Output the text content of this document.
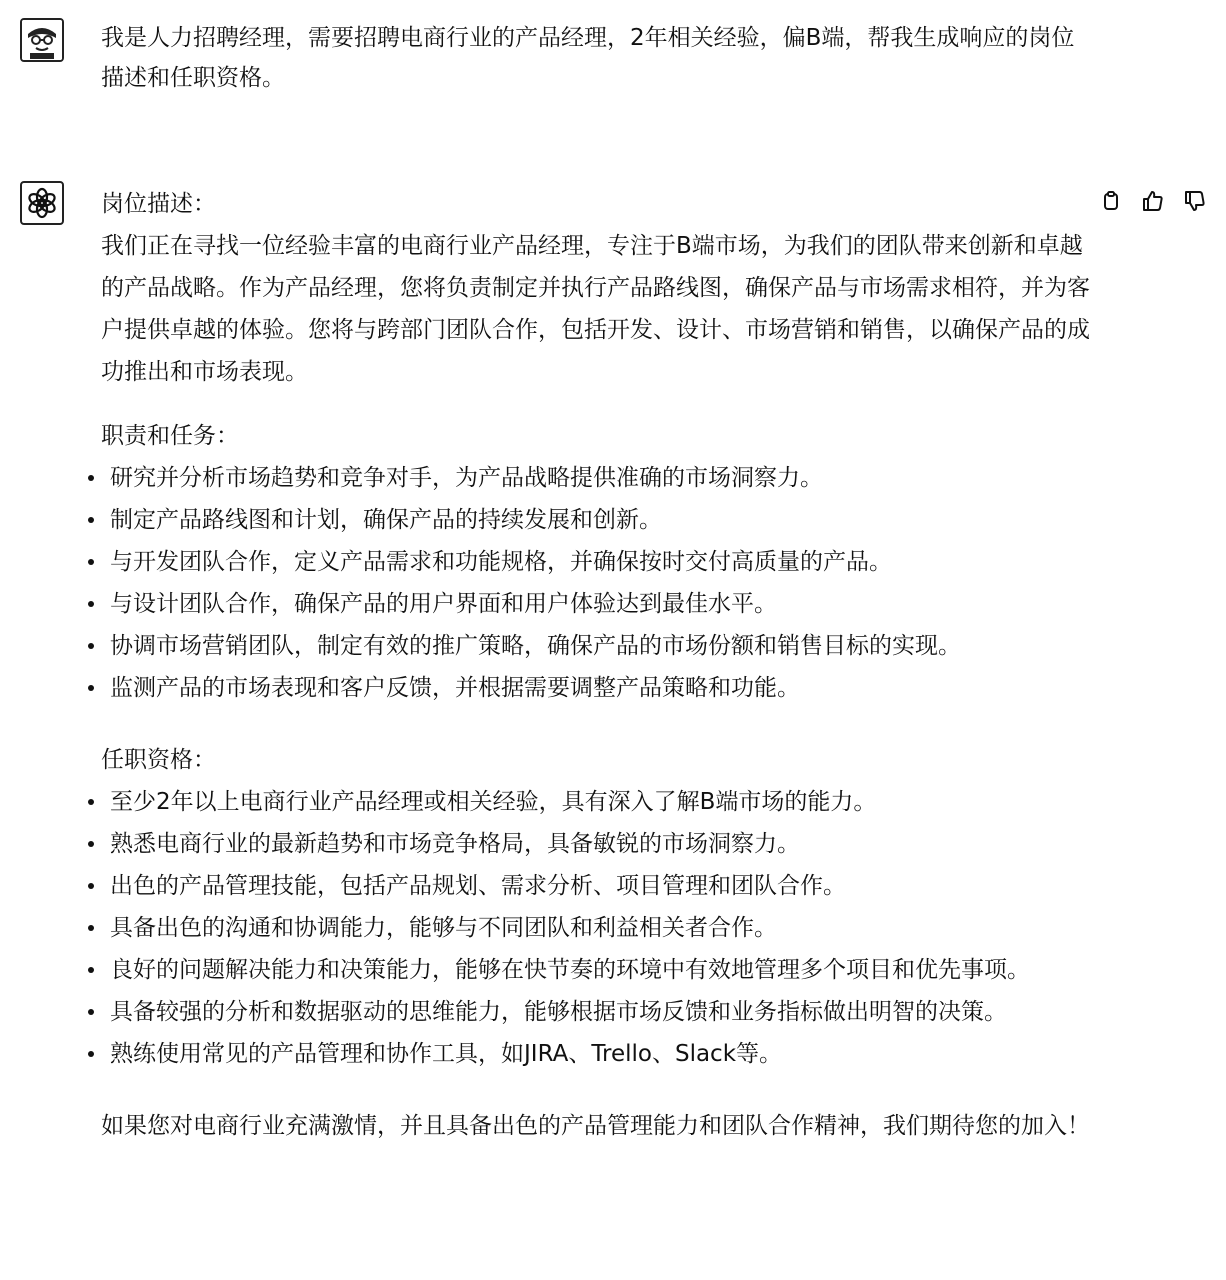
我是人力招聘经理，需要招聘电商行业的产品经理，2年相关经验，偏B端，帮我生成响应的岗位描述和任职资格。

岗位描述：

我们正在寻找一位经验丰富的电商行业产品经理，专注于B端市场，为我们的团队带来创新和卓越的产品战略。作为产品经理，您将负责制定并执行产品路线图，确保产品与市场需求相符，并为客户提供卓越的体验。您将与跨部门团队合作，包括开发、设计、市场营销和销售，以确保产品的成功推出和市场表现。

职责和任务：

研究并分析市场趋势和竞争对手，为产品战略提供准确的市场洞察力。
制定产品路线图和计划，确保产品的持续发展和创新。
与开发团队合作，定义产品需求和功能规格，并确保按时交付高质量的产品。
与设计团队合作，确保产品的用户界面和用户体验达到最佳水平。
协调市场营销团队，制定有效的推广策略，确保产品的市场份额和销售目标的实现。
监测产品的市场表现和客户反馈，并根据需要调整产品策略和功能。

任职资格：

至少2年以上电商行业产品经理或相关经验，具有深入了解B端市场的能力。
熟悉电商行业的最新趋势和市场竞争格局，具备敏锐的市场洞察力。
出色的产品管理技能，包括产品规划、需求分析、项目管理和团队合作。
具备出色的沟通和协调能力，能够与不同团队和利益相关者合作。
良好的问题解决能力和决策能力，能够在快节奏的环境中有效地管理多个项目和优先事项。
具备较强的分析和数据驱动的思维能力，能够根据市场反馈和业务指标做出明智的决策。
熟练使用常见的产品管理和协作工具，如JIRA、Trello、Slack等。

如果您对电商行业充满激情，并且具备出色的产品管理能力和团队合作精神，我们期待您的加入！
